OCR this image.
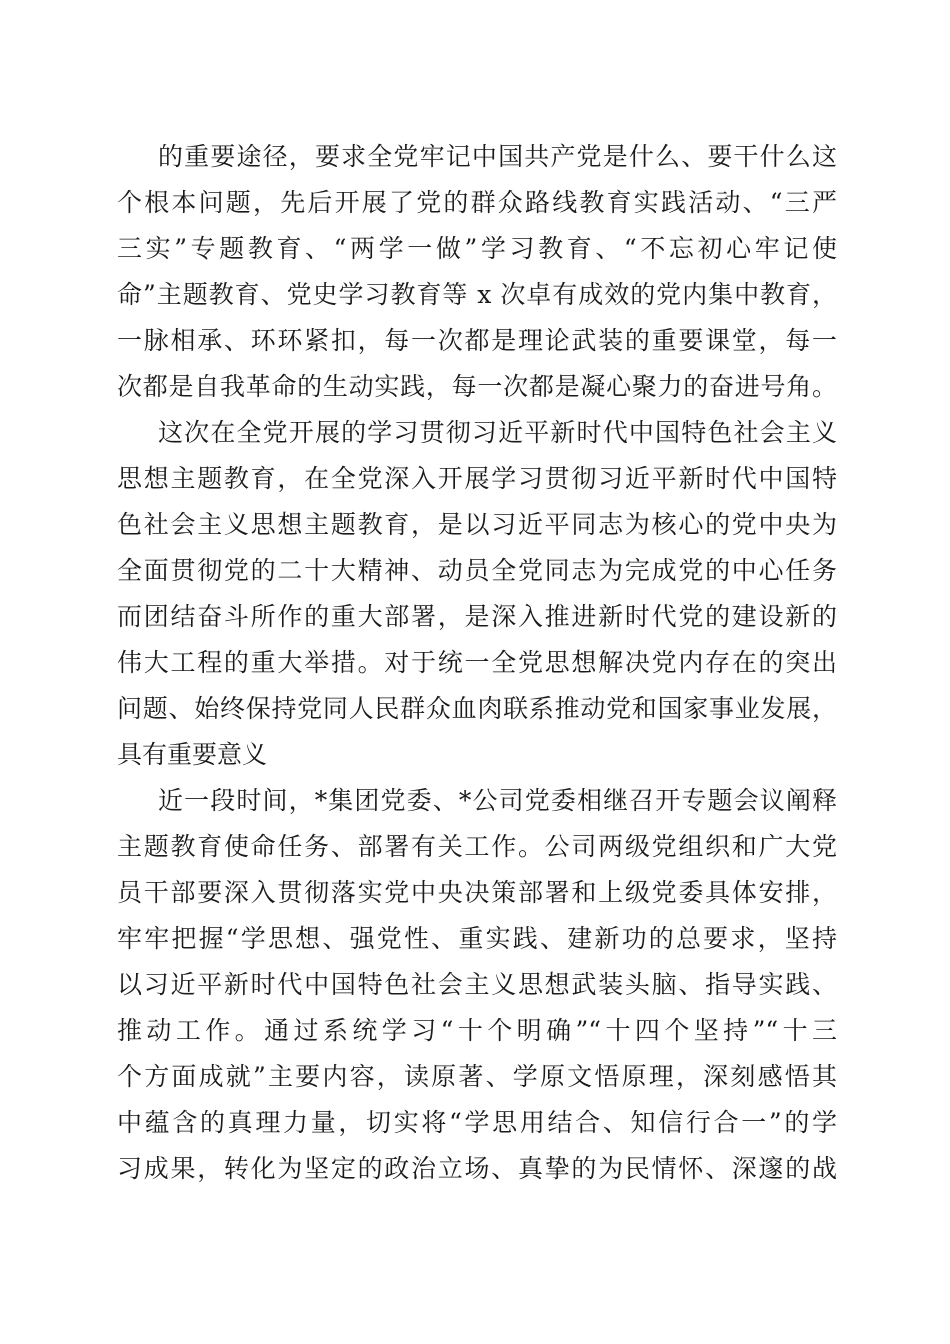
的重要途径，要求全党牢记中国共产党是什么、要干什么这
个根本问题，先后开展了党的群众路线教育实践活动、“三严
三实”专题教育、“两学一做”学习教育、“不忘初心牢记使
命”主题教育、党史学习教育等 x 次卓有成效的党内集中教育，
一脉相承、环环紧扣，每一次都是理论武装的重要课堂，每一
次都是自我革命的生动实践，每一次都是凝心聚力的奋进号角。
这次在全党开展的学习贯彻习近平新时代中国特色社会主义
思想主题教育，在全党深入开展学习贯彻习近平新时代中国特
色社会主义思想主题教育，是以习近平同志为核心的党中央为
全面贯彻党的二十大精神、动员全党同志为完成党的中心任务
而团结奋斗所作的重大部署，是深入推进新时代党的建设新的
伟大工程的重大举措。对于统一全党思想解决党内存在的突出
问题、始终保持党同人民群众血肉联系推动党和国家事业发展，
具有重要意义
近一段时间，*集团党委、*公司党委相继召开专题会议阐释
主题教育使命任务、部署有关工作。公司两级党组织和广大党
员干部要深入贯彻落实党中央决策部署和上级党委具体安排，
牢牢把握“学思想、强党性、重实践、建新功的总要求，坚持
以习近平新时代中国特色社会主义思想武装头脑、指导实践、
推动工作。通过系统学习“十个明确”“十四个坚持”“十三
个方面成就”主要内容，读原著、学原文悟原理，深刻感悟其
中蕴含的真理力量，切实将“学思用结合、知信行合一”的学
习成果，转化为坚定的政治立场、真挚的为民情怀、深邃的战
